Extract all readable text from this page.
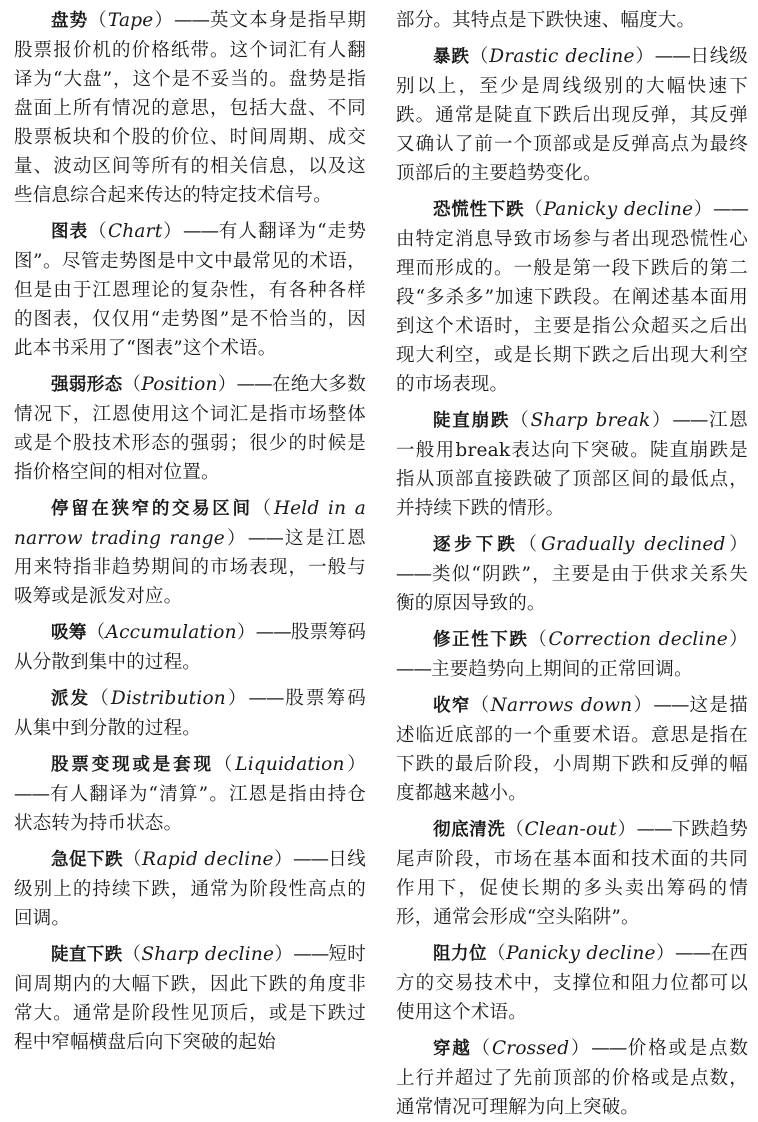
盘势（Tape）——英文本身是指早期股票报价机的价格纸带。这个词汇有人翻译为“大盘”，这个是不妥当的。盘势是指盘面上所有情况的意思，包括大盘、不同股票板块和个股的价位、时间周期、成交量、波动区间等所有的相关信息，以及这些信息综合起来传达的特定技术信号。

图表（Chart）——有人翻译为“走势图”。尽管走势图是中文中最常见的术语，但是由于江恩理论的复杂性，有各种各样的图表，仅仅用“走势图”是不恰当的，因此本书采用了“图表”这个术语。

强弱形态（Position）——在绝大多数情况下，江恩使用这个词汇是指市场整体或是个股技术形态的强弱；很少的时候是指价格空间的相对位置。

停留在狭窄的交易区间（Held in a narrow trading range）——这是江恩用来特指非趋势期间的市场表现，一般与吸筹或是派发对应。

吸筹（Accumulation）——股票筹码从分散到集中的过程。

派发（Distribution）——股票筹码从集中到分散的过程。

股票变现或是套现（Liquidation）——有人翻译为“清算”。江恩是指由持仓状态转为持币状态。

急促下跌（Rapid decline）——日线级别上的持续下跌，通常为阶段性高点的回调。

陡直下跌（Sharp decline）——短时间周期内的大幅下跌，因此下跌的角度非常大。通常是阶段性见顶后，或是下跌过程中窄幅横盘后向下突破的起始

部分。其特点是下跌快速、幅度大。

暴跌（Drastic decline）——日线级别以上，至少是周线级别的大幅快速下跌。通常是陡直下跌后出现反弹，其反弹又确认了前一个顶部或是反弹高点为最终顶部后的主要趋势变化。

恐慌性下跌（Panicky decline）——由特定消息导致市场参与者出现恐慌性心理而形成的。一般是第一段下跌后的第二段“多杀多”加速下跌段。在阐述基本面用到这个术语时，主要是指公众超买之后出现大利空，或是长期下跌之后出现大利空的市场表现。

陡直崩跌（Sharp break）——江恩一般用break表达向下突破。陡直崩跌是指从顶部直接跌破了顶部区间的最低点，并持续下跌的情形。

逐步下跌（Gradually declined）——类似“阴跌”，主要是由于供求关系失衡的原因导致的。

修正性下跌（Correction decline）——主要趋势向上期间的正常回调。

收窄（Narrows down）——这是描述临近底部的一个重要术语。意思是指在下跌的最后阶段，小周期下跌和反弹的幅度都越来越小。

彻底清洗（Clean-out）——下跌趋势尾声阶段，市场在基本面和技术面的共同作用下，促使长期的多头卖出筹码的情形，通常会形成“空头陷阱”。

阻力位（Panicky decline）——在西方的交易技术中，支撑位和阻力位都可以使用这个术语。

穿越（Crossed）——价格或是点数上行并超过了先前顶部的价格或是点数，通常情况可理解为向上突破。
